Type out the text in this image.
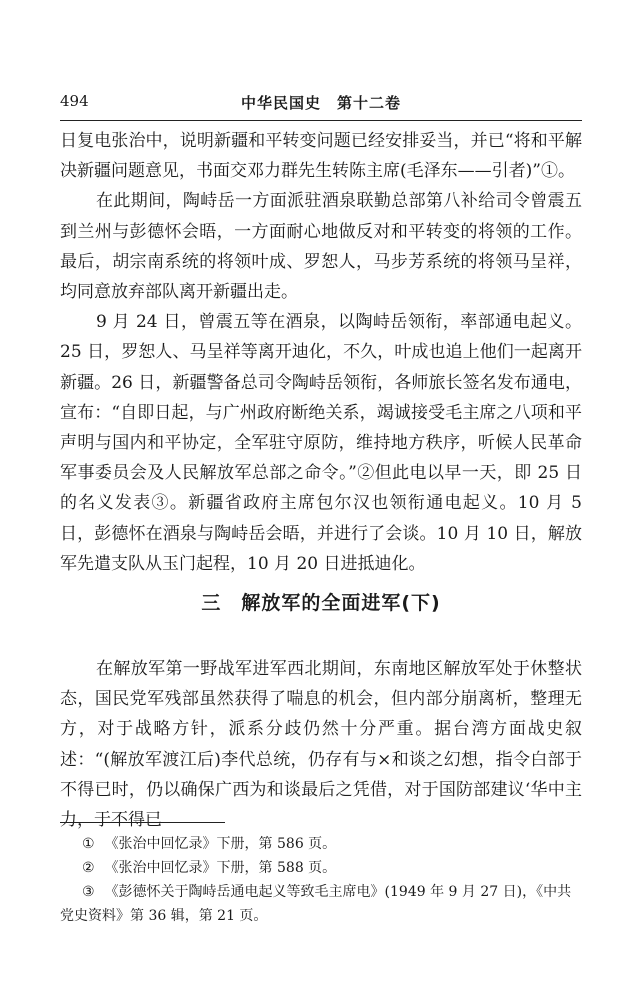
494	中华民国史　第十二卷

日复电张治中，说明新疆和平转变问题已经安排妥当，并已“将和平解决新疆问题意见，书面交邓力群先生转陈主席(毛泽东——引者)”①。

在此期间，陶峙岳一方面派驻酒泉联勤总部第八补给司令曾震五到兰州与彭德怀会晤，一方面耐心地做反对和平转变的将领的工作。最后，胡宗南系统的将领叶成、罗恕人，马步芳系统的将领马呈祥，均同意放弃部队离开新疆出走。

9 月 24 日，曾震五等在酒泉，以陶峙岳领衔，率部通电起义。25 日，罗恕人、马呈祥等离开迪化，不久，叶成也追上他们一起离开新疆。26 日，新疆警备总司令陶峙岳领衔，各师旅长签名发布通电，宣布：“自即日起，与广州政府断绝关系，竭诚接受毛主席之八项和平声明与国内和平协定，全军驻守原防，维持地方秩序，听候人民革命军事委员会及人民解放军总部之命令。”②但此电以早一天，即 25 日的名义发表③。新疆省政府主席包尔汉也领衔通电起义。10 月 5 日，彭德怀在酒泉与陶峙岳会晤，并进行了会谈。10 月 10 日，解放军先遣支队从玉门起程，10 月 20 日进抵迪化。

三　解放军的全面进军(下)

在解放军第一野战军进军西北期间，东南地区解放军处于休整状态，国民党军残部虽然获得了喘息的机会，但内部分崩离析，整理无方，对于战略方针，派系分歧仍然十分严重。据台湾方面战史叙述：“(解放军渡江后)李代总统，仍存有与×和谈之幻想，指令白部于不得已时，仍以确保广西为和谈最后之凭借，对于国防部建议‘华中主力，于不得已

① 《张治中回忆录》下册，第 586 页。

② 《张治中回忆录》下册，第 588 页。

③ 《彭德怀关于陶峙岳通电起义等致毛主席电》(1949 年 9 月 27 日)，《中共党史资料》第 36 辑，第 21 页。
